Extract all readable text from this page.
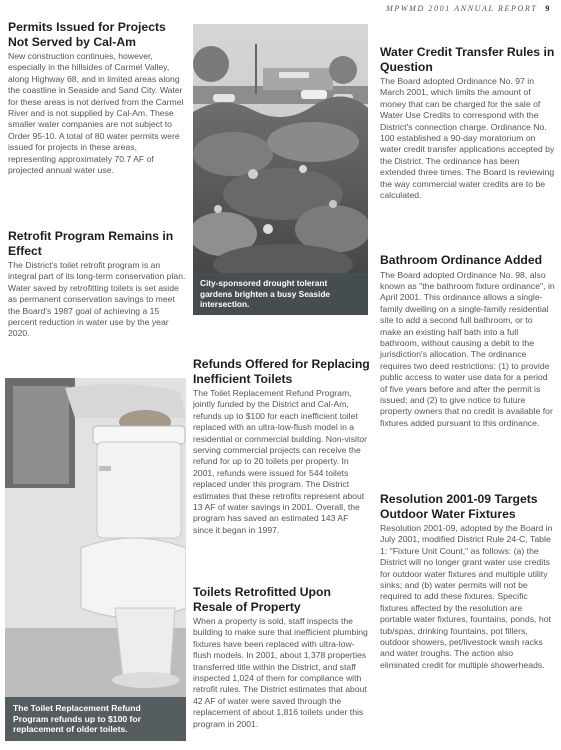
MPWMD 2001 ANNUAL REPORT 9
Permits Issued for Projects Not Served by Cal-Am

New construction continues, however, especially in the hillsides of Carmel Valley, along Highway 68, and in limited areas along the coastline in Seaside and Sand City. Water for these areas is not derived from the Carmel River and is not supplied by Cal-Am. These smaller water companies are not subject to Order 95-10. A total of 80 water permits were issued for projects in these areas, representing approximately 70.7 AF of projected annual water use.

Retrofit Program Remains in Effect

The District's toilet retrofit program is an integral part of its long-term conservation plan. Water saved by retrofitting toilets is set aside as permanent conservation savings to meet the Board's 1987 goal of achieving a 15 percent reduction in water use by the year 2020.

City-sponsored drought tolerant gardens brighten a busy Seaside intersection.
The Toilet Replacement Refund Program refunds up to $100 for replacement of older toilets.
Refunds Offered for Replacing Inefficient Toilets

The Toilet Replacement Refund Program, jointly funded by the District and Cal-Am, refunds up to $100 for each inefficient toilet replaced with an ultra-low-flush model in a residential or commercial building. Non-visitor serving commercial projects can receive the refund for up to 20 toilets per property. In 2001, refunds were issued for 544 toilets replaced under this program. The District estimates that these retrofits represent about 13 AF of water savings in 2001. Overall, the program has saved an estimated 143 AF since it began in 1997.

Toilets Retrofitted Upon Resale of Property

When a property is sold, staff inspects the building to make sure that inefficient plumbing fixtures have been replaced with ultra-low-flush models. In 2001, about 1,378 properties transferred title within the District, and staff inspected 1,024 of them for compliance with retrofit rules. The District estimates that about 42 AF of water were saved through the replacement of about 1,816 toilets under this program in 2001.

Water Credit Transfer Rules in Question

The Board adopted Ordinance No. 97 in March 2001, which limits the amount of money that can be charged for the sale of Water Use Credits to correspond with the District's connection charge. Ordinance No. 100 established a 90-day moratorium on water credit transfer applications accepted by the District. The ordinance has been extended three times. The Board is reviewing the way commercial water credits are to be calculated.

Bathroom Ordinance Added

The Board adopted Ordinance No. 98, also known as "the bathroom fixture ordinance", in April 2001. This ordinance allows a single-family dwelling on a single-family residential site to add a second full bathroom, or to make an existing half bath into a full bathroom, without causing a debit to the jurisdiction's allocation. The ordinance requires two deed restrictions: (1) to provide public access to water use data for a period of five years before and after the permit is issued; and (2) to give notice to future property owners that no credit is available for fixtures added pursuant to this ordinance.

Resolution 2001-09 Targets Outdoor Water Fixtures

Resolution 2001-09, adopted by the Board in July 2001, modified District Rule 24-C, Table 1: "Fixture Unit Count," as follows: (a) the District will no longer grant water use credits for outdoor water fixtures and multiple utility sinks; and (b) water permits will not be required to add these fixtures. Specific fixtures affected by the resolution are portable water fixtures, fountains, ponds, hot tub/spas, drinking fountains, pot fillers, outdoor showers, pet/livestock wash racks and water troughs. The action also eliminated credit for multiple showerheads.
